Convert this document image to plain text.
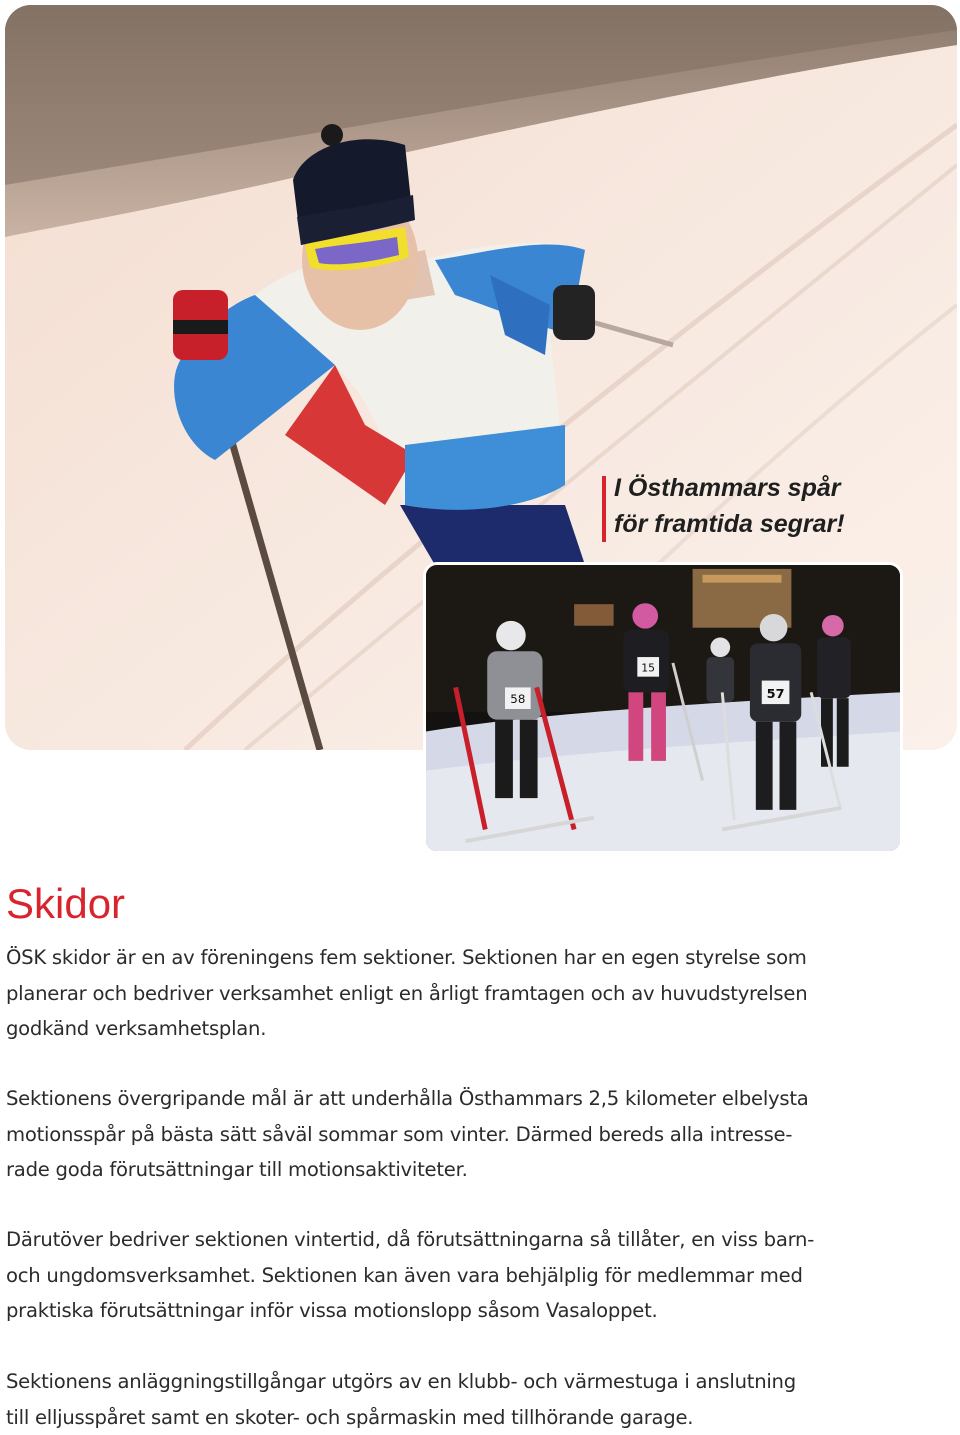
I Östhammars spår
för framtida segrar!
58
15
57
Skidor
ÖSK skidor är en av föreningens fem sektioner. Sektionen har en egen styrelse som
planerar och bedriver verksamhet enligt en årligt framtagen och av huvudstyrelsen
godkänd verksamhetsplan.
Sektionens övergripande mål är att underhålla Östhammars 2,5 kilometer elbelysta
motionsspår på bästa sätt såväl sommar som vinter. Därmed bereds alla intresse-
rade goda förutsättningar till motionsaktiviteter.
Därutöver bedriver sektionen vintertid, då förutsättningarna så tillåter, en viss barn-
och ungdomsverksamhet. Sektionen kan även vara behjälplig för medlemmar med
praktiska förutsättningar inför vissa motionslopp såsom Vasaloppet.
Sektionens anläggningstillgångar utgörs av en klubb- och värmestuga i anslutning
till elljusspåret samt en skoter- och spårmaskin med tillhörande garage.
